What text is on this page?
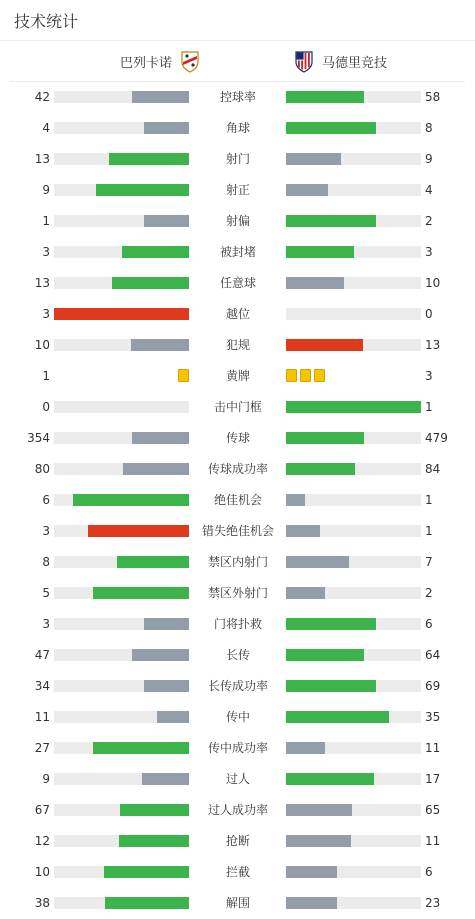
技术统计
巴列卡诺	马德里竞技
42	控球率	58
4	角球	8
13	射门	9
9	射正	4
1	射偏	2
3	被封堵	3
13	任意球	10
3	越位	0
10	犯规	13
1	黄牌	3
0	击中门框	1
354	传球	479
80	传球成功率	84
6	绝佳机会	1
3	错失绝佳机会	1
8	禁区内射门	7
5	禁区外射门	2
3	门将扑救	6
47	长传	64
34	长传成功率	69
11	传中	35
27	传中成功率	11
9	过人	17
67	过人成功率	65
12	抢断	11
10	拦截	6
38	解围	23
